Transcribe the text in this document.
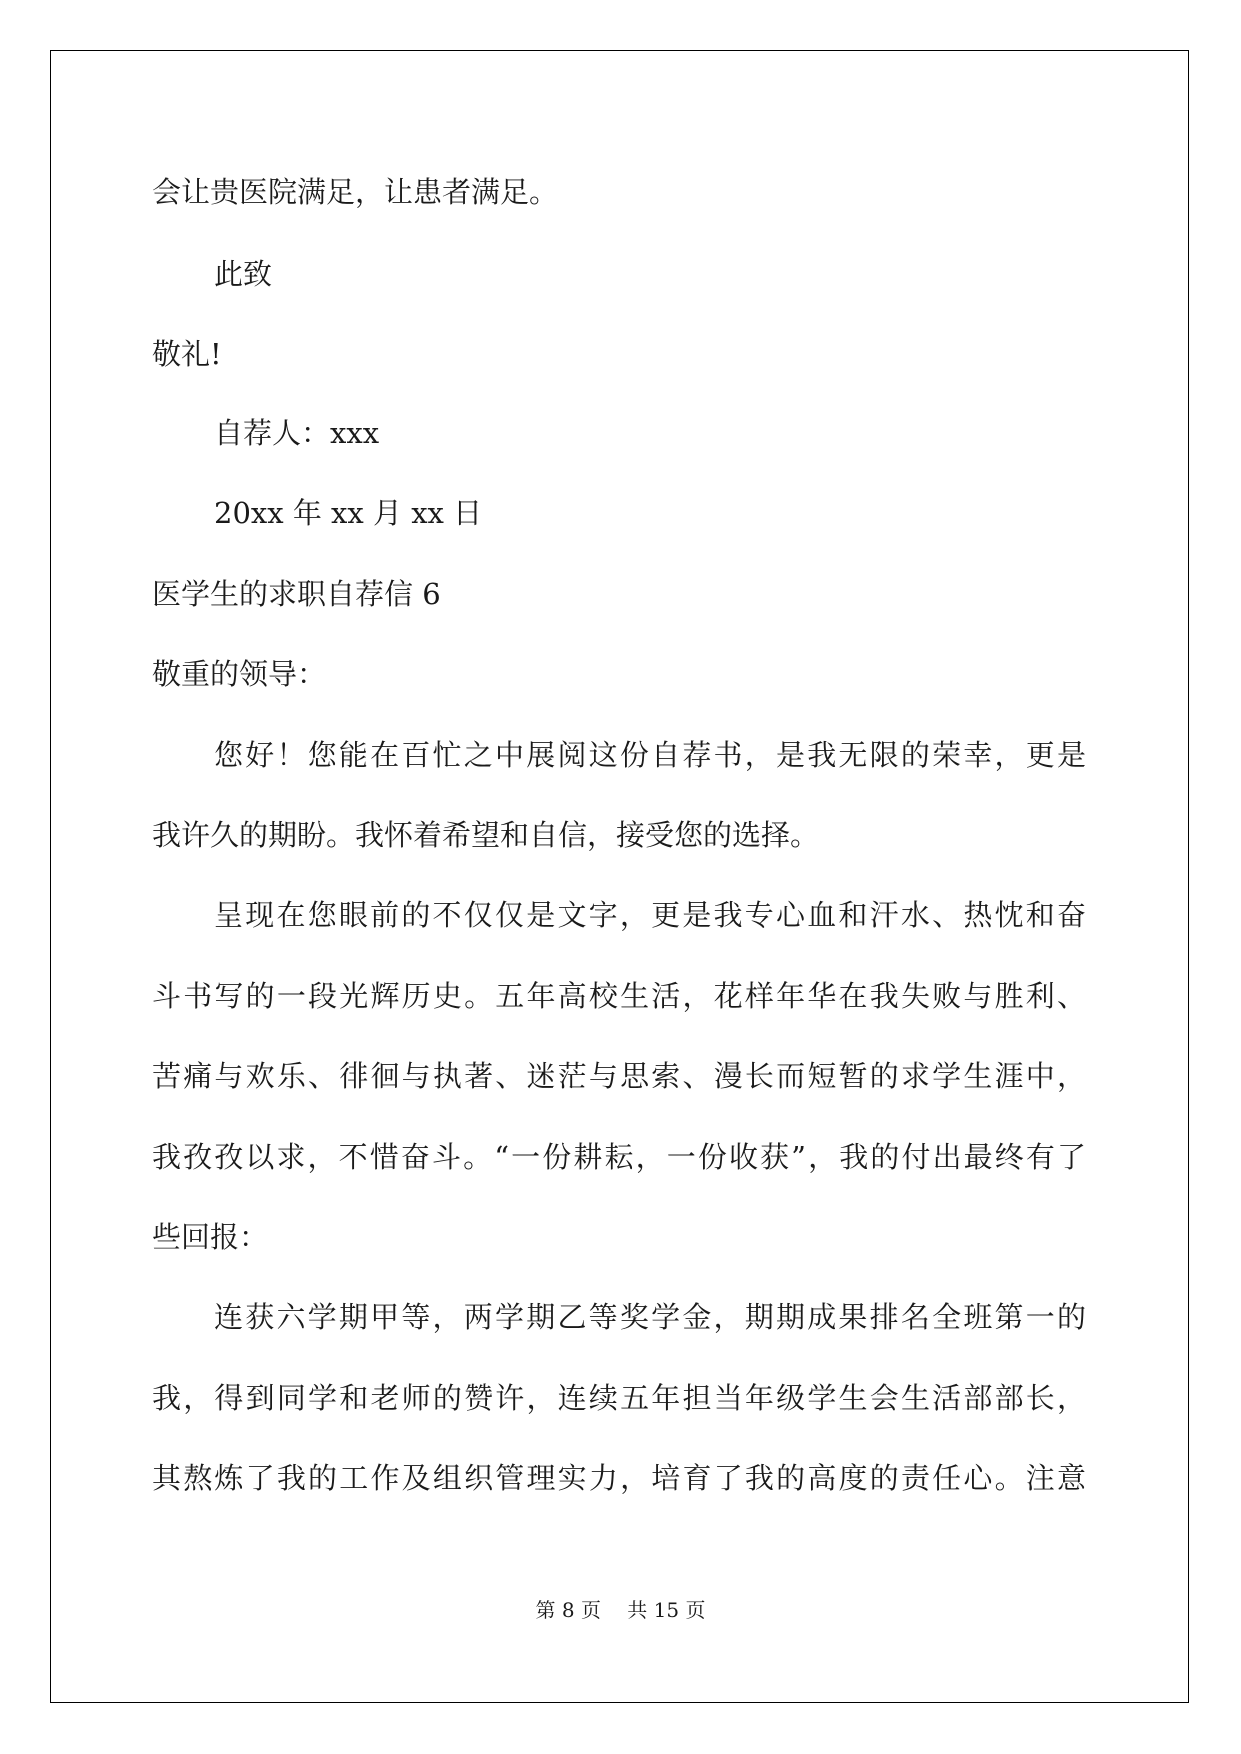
会让贵医院满足，让患者满足。
此致
敬礼!
自荐人：xxx
20xx 年 xx 月 xx 日
医学生的求职自荐信 6
敬重的领导：
您好！您能在百忙之中展阅这份自荐书，是我无限的荣幸，更是
我许久的期盼。我怀着希望和自信，接受您的选择。
呈现在您眼前的不仅仅是文字，更是我专心血和汗水、热忱和奋
斗书写的一段光辉历史。五年高校生活，花样年华在我失败与胜利、
苦痛与欢乐、徘徊与执著、迷茫与思索、漫长而短暂的求学生涯中，
我孜孜以求，不惜奋斗。“一份耕耘，一份收获”，我的付出最终有了
些回报：
连获六学期甲等，两学期乙等奖学金，期期成果排名全班第一的
我，得到同学和老师的赞许，连续五年担当年级学生会生活部部长，
其熬炼了我的工作及组织管理实力，培育了我的高度的责任心。注意
第 8 页　 共 15 页
